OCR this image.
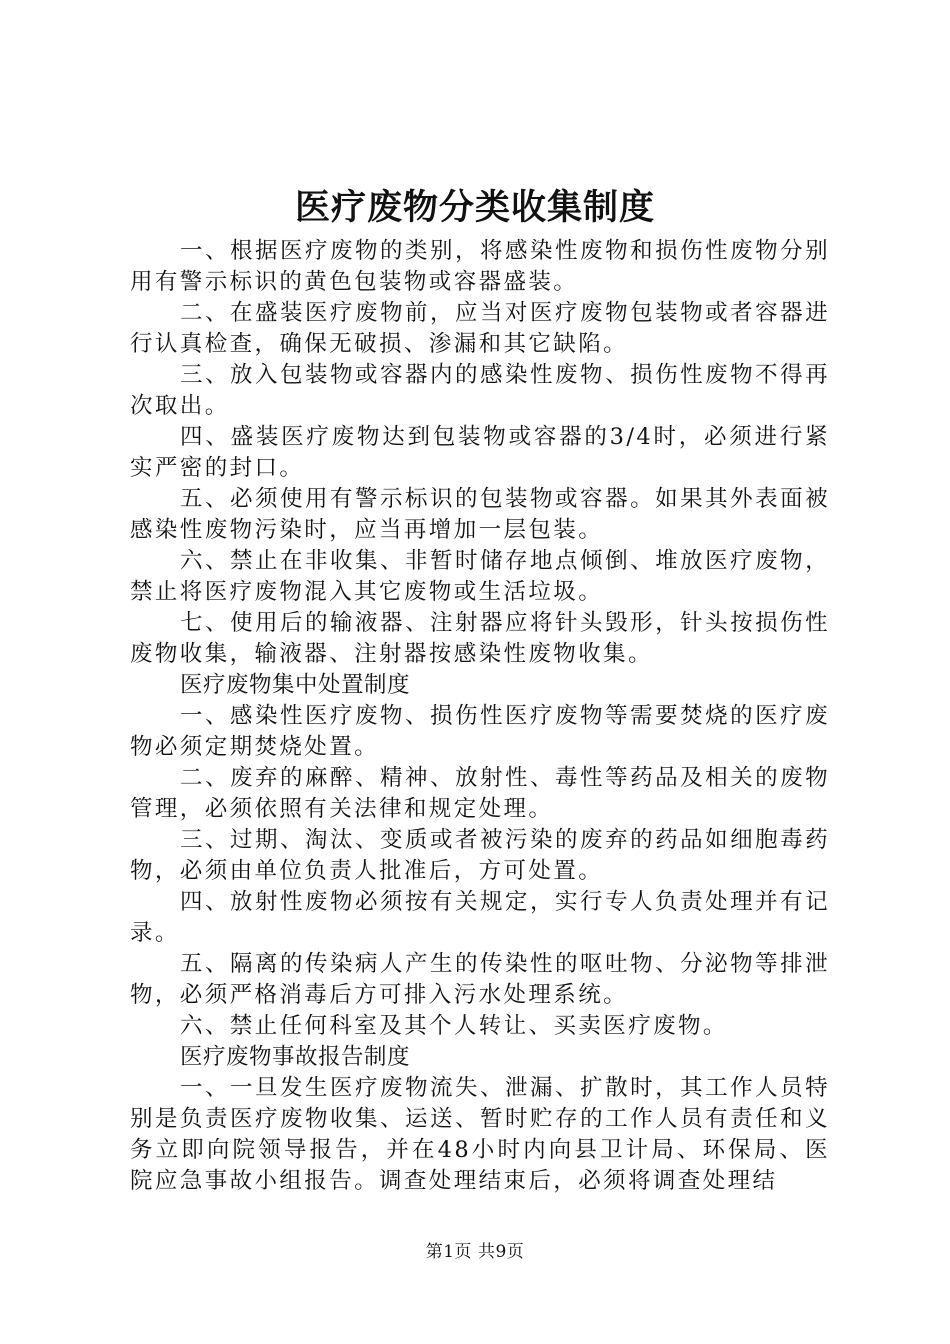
医疗废物分类收集制度

一、根据医疗废物的类别，将感染性废物和损伤性废物分别用有警示标识的黄色包装物或容器盛装。

二、在盛装医疗废物前，应当对医疗废物包装物或者容器进行认真检查，确保无破损、渗漏和其它缺陷。

三、放入包装物或容器内的感染性废物、损伤性废物不得再次取出。

四、盛装医疗废物达到包装物或容器的3/4时，必须进行紧实严密的封口。

五、必须使用有警示标识的包装物或容器。如果其外表面被感染性废物污染时，应当再增加一层包装。

六、禁止在非收集、非暂时储存地点倾倒、堆放医疗废物，禁止将医疗废物混入其它废物或生活垃圾。

七、使用后的输液器、注射器应将针头毁形，针头按损伤性废物收集，输液器、注射器按感染性废物收集。

医疗废物集中处置制度

一、感染性医疗废物、损伤性医疗废物等需要焚烧的医疗废物必须定期焚烧处置。

二、废弃的麻醉、精神、放射性、毒性等药品及相关的废物管理，必须依照有关法律和规定处理。

三、过期、淘汰、变质或者被污染的废弃的药品如细胞毒药物，必须由单位负责人批准后，方可处置。

四、放射性废物必须按有关规定，实行专人负责处理并有记录。

五、隔离的传染病人产生的传染性的呕吐物、分泌物等排泄物，必须严格消毒后方可排入污水处理系统。

六、禁止任何科室及其个人转让、买卖医疗废物。

医疗废物事故报告制度

一、一旦发生医疗废物流失、泄漏、扩散时，其工作人员特别是负责医疗废物收集、运送、暂时贮存的工作人员有责任和义务立即向院领导报告，并在48小时内向县卫计局、环保局、医院应急事故小组报告。调查处理结束后，必须将调查处理结

第1页 共9页
